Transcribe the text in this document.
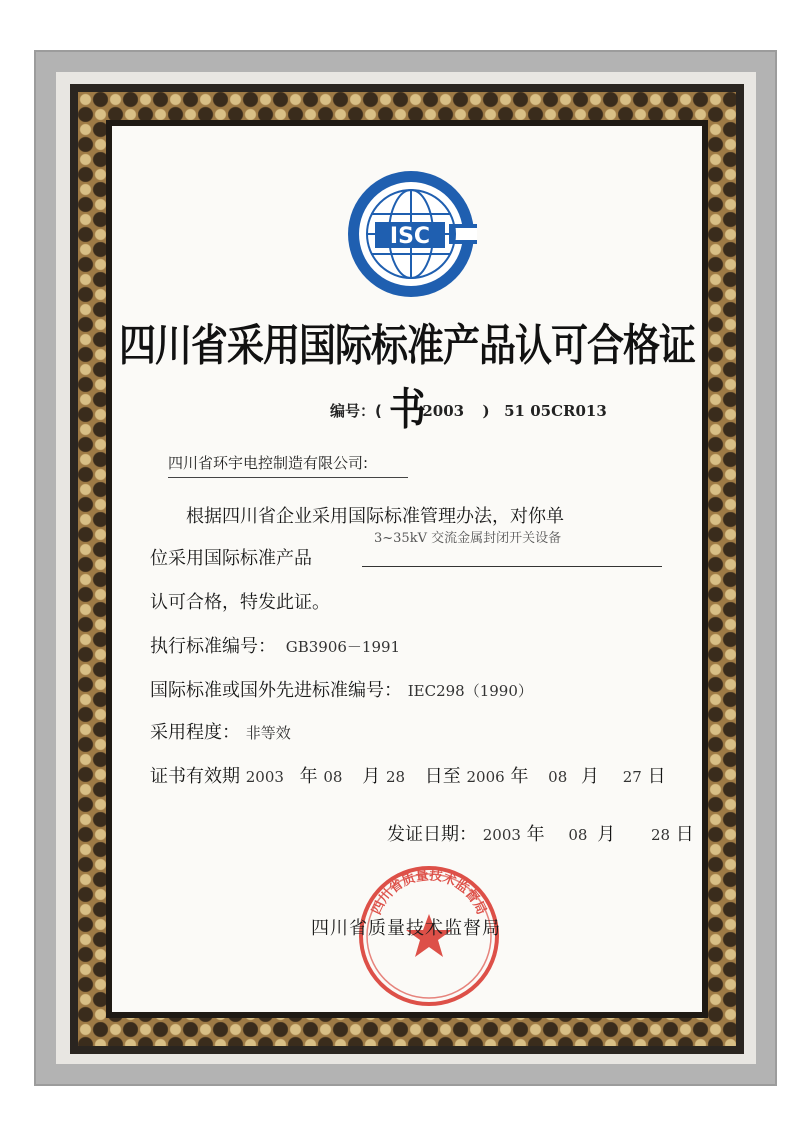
ISC
四川省采用国际标准产品认可合格证书
编号：(	2003 ) 51 05CR013
四川省环宇电控制造有限公司:
根据四川省企业采用国际标准管理办法，对你单
3~35kV 交流金属封闭开关设备
位采用国际标准产品
认可合格，特发此证。
执行标准编号： GB3906－1991
国际标准或国外先进标准编号： IEC298（1990）
采用程度： 非等效
证书有效期 2003 年 08 月 28 日至 2006 年 08 月 27 日
发证日期： 2003 年 08 月 28 日
四川省质量技术监督局
四川省质量技术监督局
